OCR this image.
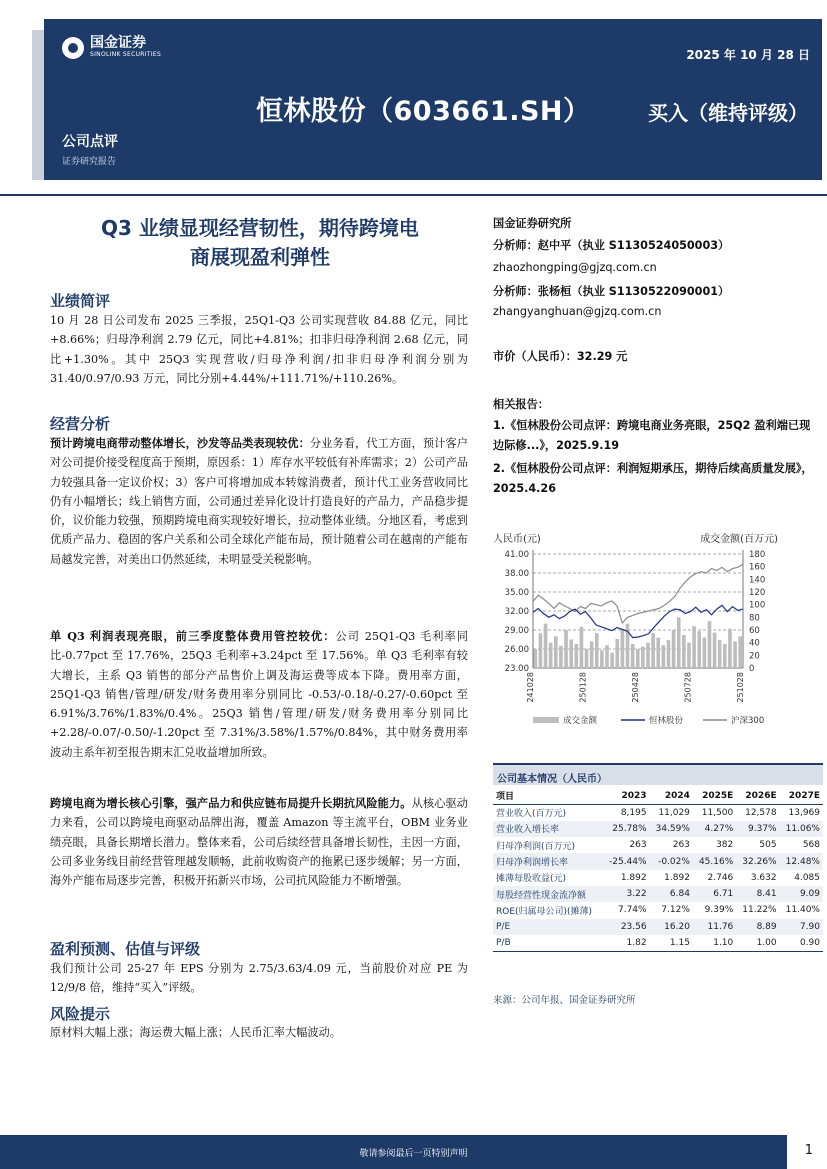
国金证券
SINOLINK SECURITIES	2025 年 10 月 28 日
恒林股份（603661.SH）	买入（维持评级）
公司点评
证券研究报告
Q3 业绩显现经营韧性，期待跨境电
商展现盈利弹性
业绩简评
10 月 28 日公司发布 2025 三季报，25Q1-Q3 公司实现营收 84.88 亿元，同比+8.66%；归母净利润 2.79 亿元，同比+4.81%；扣非归母净利润 2.68 亿元，同比+1.30%。其中 25Q3 实现营收/归母净利润/扣非归母净利润分别为 31.40/0.97/0.93 万元，同比分别+4.44%/+111.71%/+110.26%。
经营分析
预计跨境电商带动整体增长，沙发等品类表现较优：分业务看，代工方面，预计客户对公司提价接受程度高于预期，原因系：1）库存水平较低有补库需求；2）公司产品力较强具备一定议价权；3）客户可将增加成本转嫁消费者，预计代工业务营收同比仍有小幅增长；线上销售方面，公司通过差异化设计打造良好的产品力，产品稳步提价，议价能力较强，预期跨境电商实现较好增长，拉动整体业绩。分地区看，考虑到优质产品力、稳固的客户关系和公司全球化产能布局，预计随着公司在越南的产能布局越发完善，对美出口仍然延续，未明显受关税影响。
单 Q3 利润表现亮眼，前三季度整体费用管控较优：公司 25Q1-Q3 毛利率同比-0.77pct 至 17.76%，25Q3 毛利率+3.24pct 至 17.56%。单 Q3 毛利率有较大增长，主系 Q3 销售的部分产品售价上调及海运费等成本下降。费用率方面，25Q1-Q3 销售/管理/研发/财务费用率分别同比 -0.53/-0.18/-0.27/-0.60pct 至 6.91%/3.76%/1.83%/0.4%。25Q3 销售/管理/研发/财务费用率分别同比+2.28/-0.07/-0.50/-1.20pct 至 7.31%/3.58%/1.57%/0.84%，其中财务费用率波动主系年初至报告期末汇兑收益增加所致。
跨境电商为增长核心引擎，强产品力和供应链布局提升长期抗风险能力。从核心驱动力来看，公司以跨境电商驱动品牌出海，覆盖 Amazon 等主流平台，OBM 业务业绩亮眼，具备长期增长潜力。整体来看，公司后续经营具备增长韧性，主因一方面，公司多业务线目前经营管理越发顺畅，此前收购资产的拖累已逐步缓解；另一方面，海外产能布局逐步完善，积极开拓新兴市场，公司抗风险能力不断增强。
盈利预测、估值与评级
我们预计公司 25-27 年 EPS 分别为 2.75/3.63/4.09 元，当前股价对应 PE 为 12/9/8 倍，维持“买入”评级。
风险提示
原材料大幅上涨；海运费大幅上涨；人民币汇率大幅波动。
国金证券研究所
分析师：赵中平（执业 S1130524050003）
zhaozhongping@gjzq.com.cn
分析师：张杨桓（执业 S1130522090001）
zhangyanghuan@gjzq.com.cn
市价（人民币）：32.29 元
相关报告：
1.《恒林股份公司点评：跨境电商业务亮眼，25Q2 盈利端已现边际修...》，2025.9.19
2.《恒林股份公司点评：利润短期承压，期待后续高质量发展》，2025.4.26
人民币(元)	成交金额(百万元)
41.00
38.00
35.00
32.00
29.00
26.00
23.00
180
160
140
120
100
80
60
40
20
0
241028	250128	250428	250728	251028
成交金额	恒林股份	沪深300
公司基本情况（人民币）
项目	2023	2024	2025E	2026E	2027E
营业收入(百万元)	8,195	11,029	11,500	12,578	13,969
营业收入增长率	25.78%	34.59%	4.27%	9.37%	11.06%
归母净利润(百万元)	263	263	382	505	568
归母净利润增长率	-25.44%	-0.02%	45.16%	32.26%	12.48%
摊薄每股收益(元)	1.892	1.892	2.746	3.632	4.085
每股经营性现金流净额	3.22	6.84	6.71	8.41	9.09
ROE(归属母公司)(摊薄)	7.74%	7.12%	9.39%	11.22%	11.40%
P/E	23.56	16.20	11.76	8.89	7.90
P/B	1.82	1.15	1.10	1.00	0.90
来源：公司年报、国金证券研究所
敬请参阅最后一页特别声明	1
